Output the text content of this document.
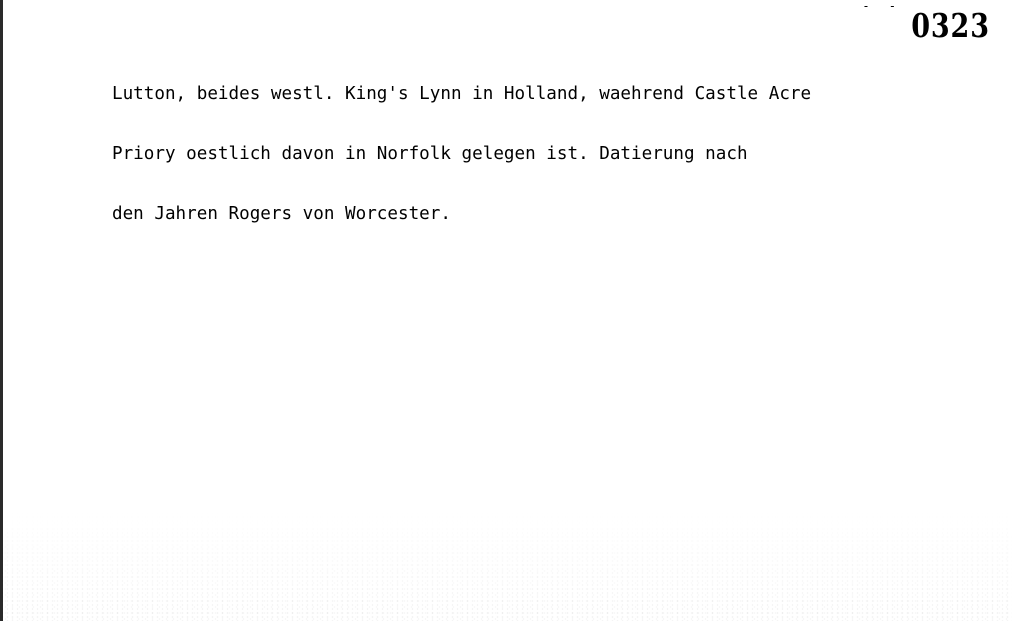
- - 0323

Lutton, beides westl. King's Lynn in Holland, waehrend Castle Acre

Priory oestlich davon in Norfolk gelegen ist. Datierung nach

den Jahren Rogers von Worcester.
